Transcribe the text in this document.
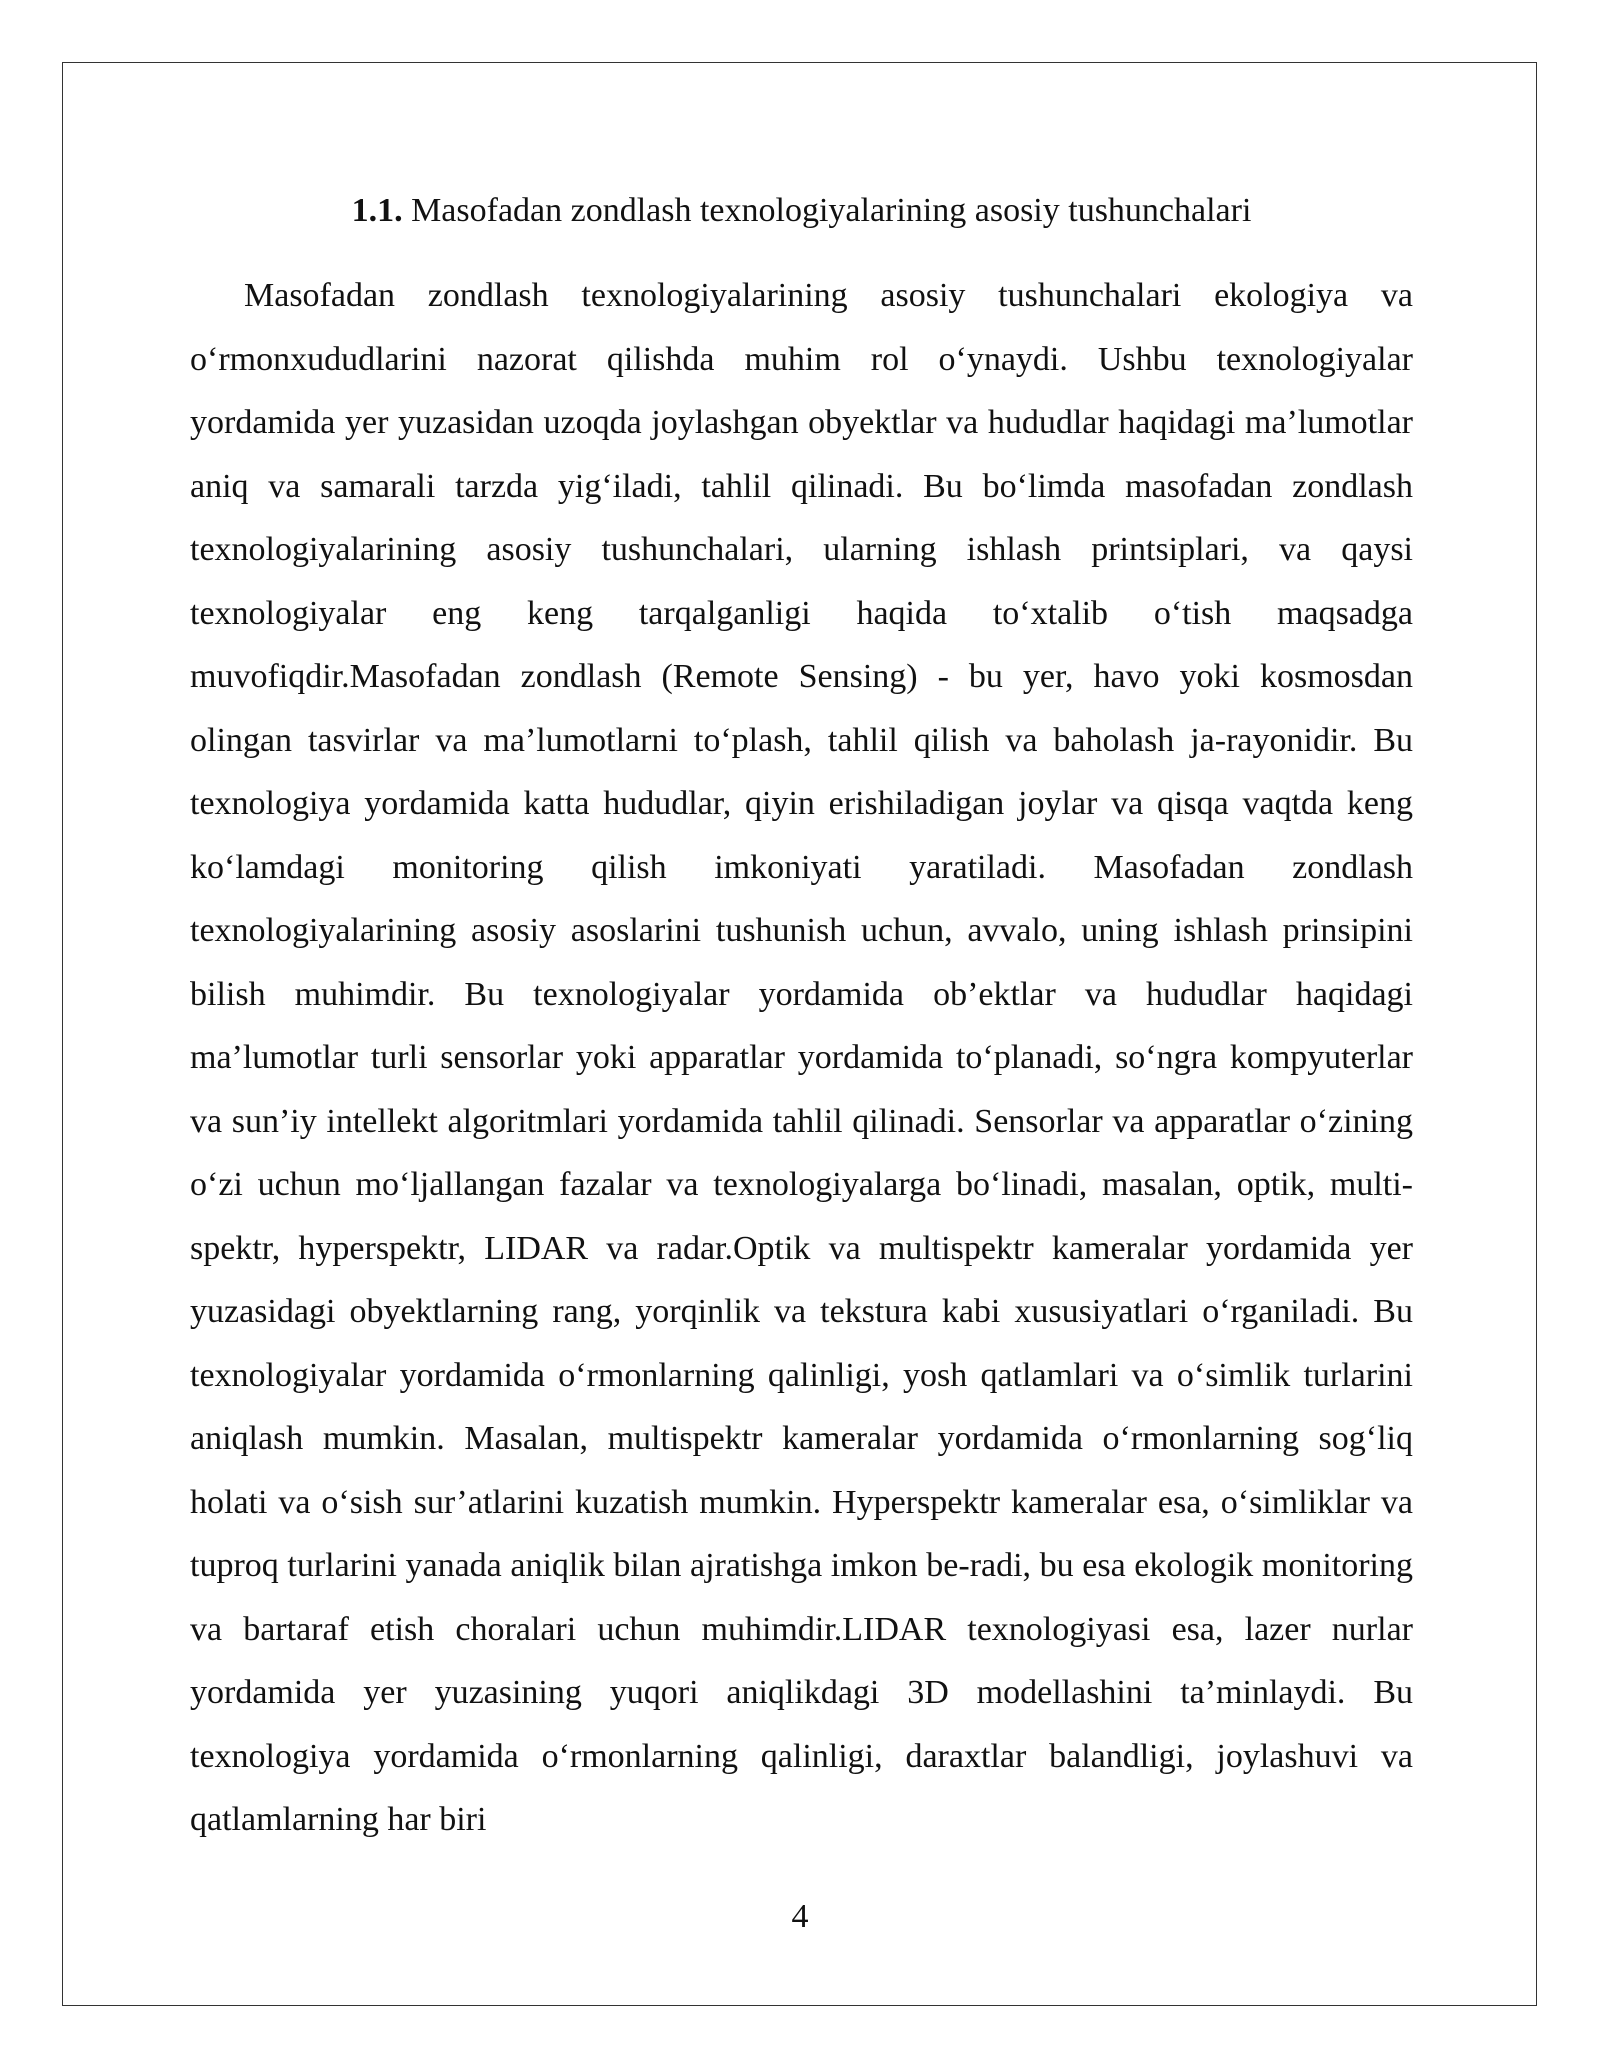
1.1. Masofadan zondlash texnologiyalarining asosiy tushunchalari

Masofadan zondlash texnologiyalarining asosiy tushunchalari ekologiya va o‘rmonxududlarini nazorat qilishda muhim rol o‘ynaydi. Ushbu texnologiyalar yordamida yer yuzasidan uzoqda joylashgan obyektlar va hududlar haqidagi ma’lumotlar aniq va samarali tarzda yig‘iladi, tahlil qilinadi. Bu bo‘limda masofadan zondlash texnologiyalarining asosiy tushunchalari, ularning ishlash printsiplari, va qaysi texnologiyalar eng keng tarqalganligi haqida to‘xtalib o‘tish maqsadga muvofiqdir.Masofadan zondlash (Remote Sensing) - bu yer, havo yoki kosmosdan olingan tasvirlar va ma’lumotlarni to‘plash, tahlil qilish va baholash ja-rayonidir. Bu texnologiya yordamida katta hududlar, qiyin erishiladigan joylar va qisqa vaqtda keng ko‘lamdagi monitoring qilish imkoniyati yaratiladi. Masofadan zondlash texnologiyalarining asosiy asoslarini tushunish uchun, avvalo, uning ishlash prinsipini bilish muhimdir. Bu texnologiyalar yordamida ob’ektlar va hududlar haqidagi ma’lumotlar turli sensorlar yoki apparatlar yordamida to‘planadi, so‘ngra kompyuterlar va sun’iy intellekt algoritmlari yordamida tahlil qilinadi. Sensorlar va apparatlar o‘zining o‘zi uchun mo‘ljallangan fazalar va texnologiyalarga bo‘linadi, masalan, optik, multi-spektr, hyperspektr, LIDAR va radar.Optik va multispektr kameralar yordamida yer yuzasidagi obyektlarning rang, yorqinlik va tekstura kabi xususiyatlari o‘rganiladi. Bu texnologiyalar yordamida o‘rmonlarning qalinligi, yosh qatlamlari va o‘simlik turlarini aniqlash mumkin. Masalan, multispektr kameralar yordamida o‘rmonlarning sog‘liq holati va o‘sish sur’atlarini kuzatish mumkin. Hyperspektr kameralar esa, o‘simliklar va tuproq turlarini yanada aniqlik bilan ajratishga imkon be-radi, bu esa ekologik monitoring va bartaraf etish choralari uchun muhimdir.LIDAR texnologiyasi esa, lazer nurlar yordamida yer yuzasining yuqori aniqlikdagi 3D modellashini ta’minlaydi. Bu texnologiya yordamida o‘rmonlarning qalinligi, daraxtlar balandligi, joylashuvi va qatlamlarning har biri

4
